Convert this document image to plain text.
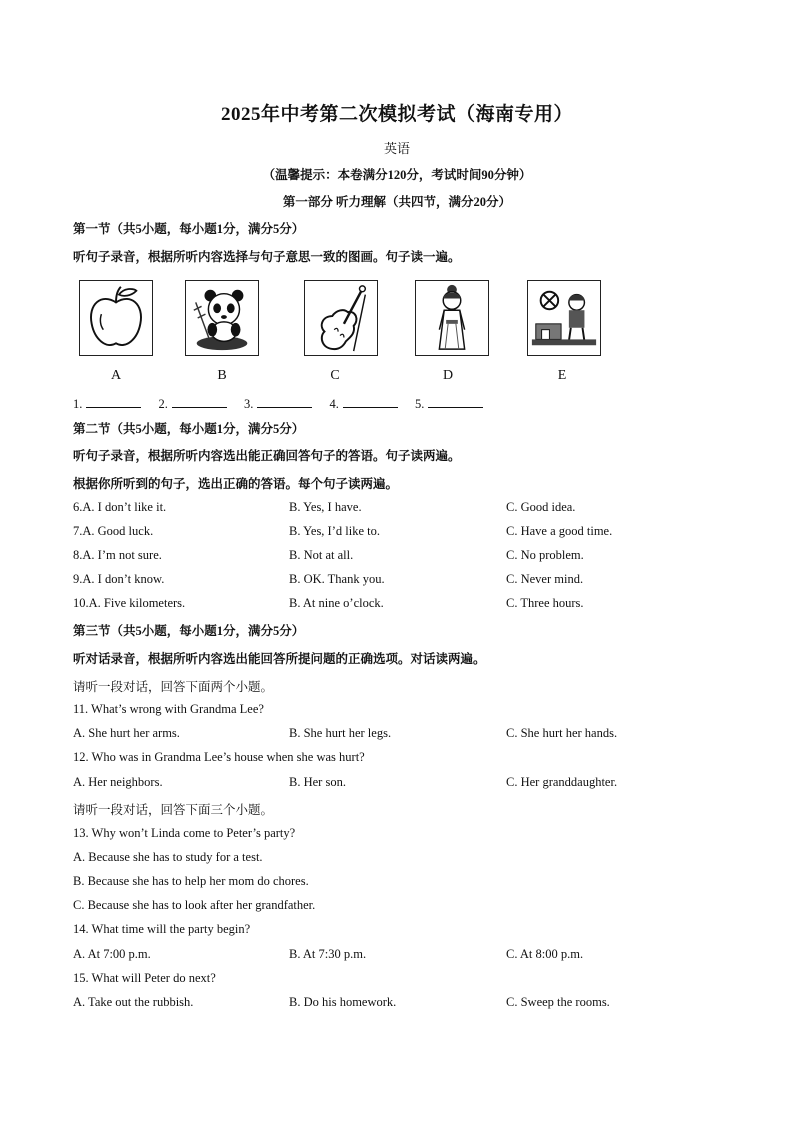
2025年中考第二次模拟考试（海南专用）
英语
（温馨提示：本卷满分120分，考试时间90分钟）
第一部分 听力理解（共四节，满分20分）
第一节（共5小题，每小题1分，满分5分）
听句子录音，根据所听内容选择与句子意思一致的图画。句子读一遍。
A	B	C	D	E
1.	2.	3.	4.	5.
第二节（共5小题，每小题1分，满分5分）
听句子录音，根据所听内容选出能正确回答句子的答语。句子读两遍。
根据你所听到的句子，选出正确的答语。每个句子读两遍。
6.A. I don’t like it.	B. Yes, I have.	C. Good idea.
7.A. Good luck.	B. Yes, I’d like to.	C. Have a good time.
8.A. I’m not sure.	B. Not at all.	C. No problem.
9.A. I don’t know.	B. OK. Thank you.	C. Never mind.
10.A. Five kilometers.	B. At nine o’clock.	C. Three hours.
第三节（共5小题，每小题1分，满分5分）
听对话录音，根据所听内容选出能回答所提问题的正确选项。对话读两遍。
请听一段对话，回答下面两个小题。
11. What’s wrong with Grandma Lee?
A. She hurt her arms.	B. She hurt her legs.	C. She hurt her hands.
12. Who was in Grandma Lee’s house when she was hurt?
A. Her neighbors.	B. Her son.	C. Her granddaughter.
请听一段对话，回答下面三个小题。
13. Why won’t Linda come to Peter’s party?
A. Because she has to study for a test.
B. Because she has to help her mom do chores.
C. Because she has to look after her grandfather.
14. What time will the party begin?
A. At 7:00 p.m.	B. At 7:30 p.m.	C. At 8:00 p.m.
15. What will Peter do next?
A. Take out the rubbish.	B. Do his homework.	C. Sweep the rooms.
